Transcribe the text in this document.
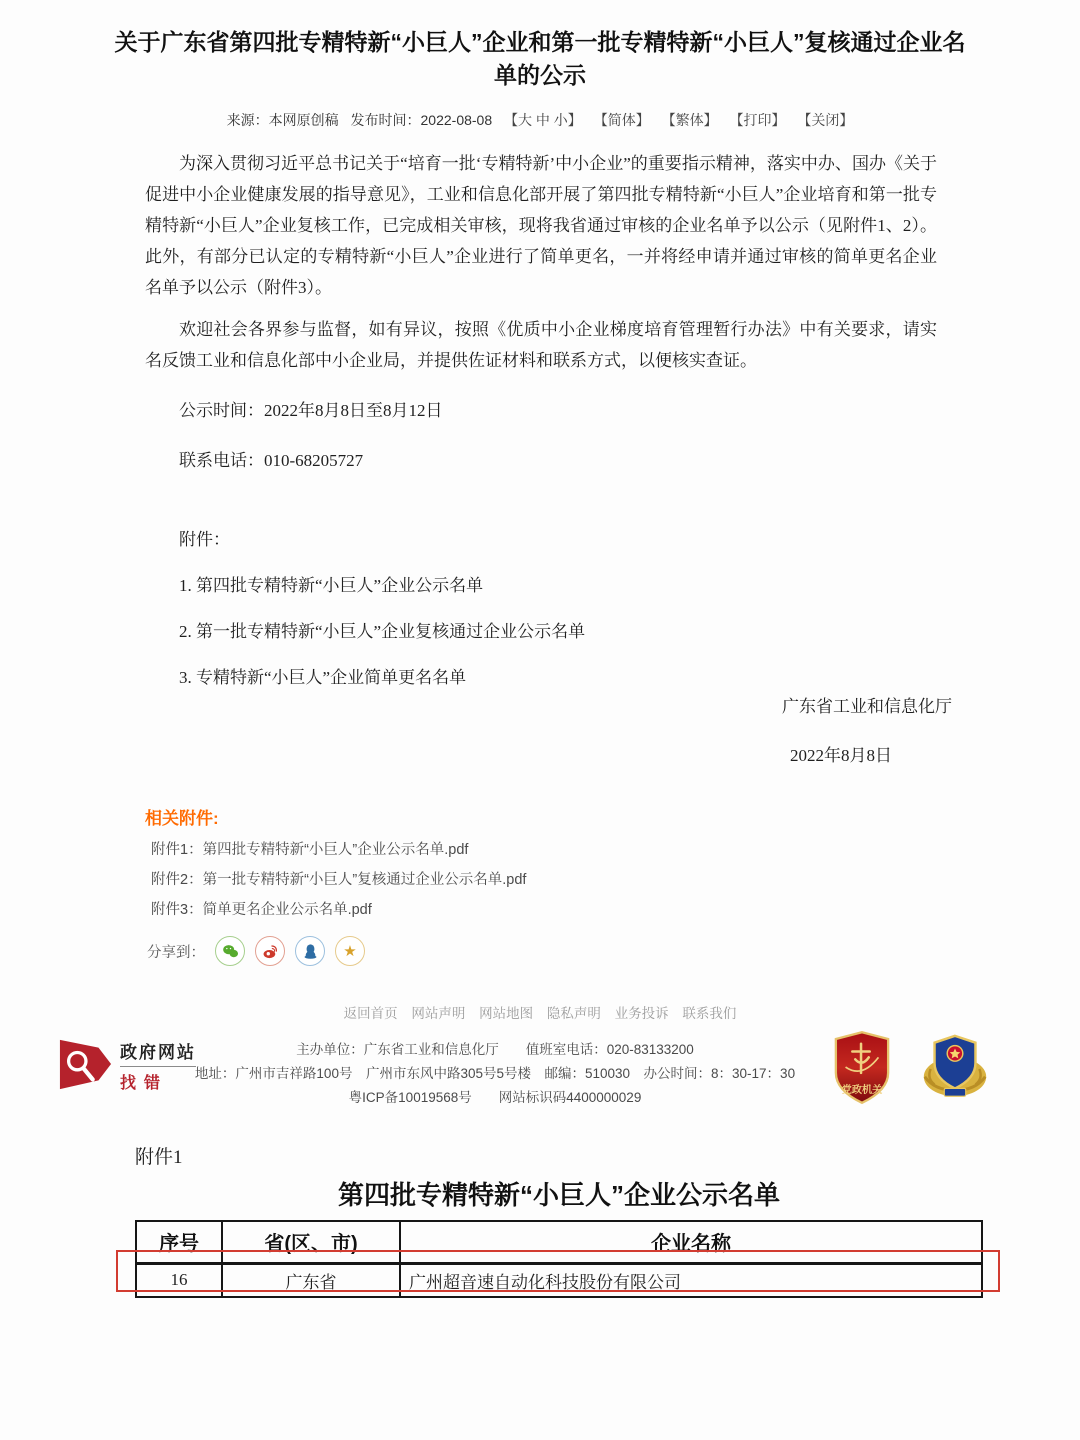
关于广东省第四批专精特新“小巨人”企业和第一批专精特新“小巨人”复核通过企业名单的公示
来源：本网原创稿 发布时间：2022-08-08 【大 中 小】 【简体】 【繁体】 【打印】 【关闭】

为深入贯彻习近平总书记关于“培育一批‘专精特新’中小企业”的重要指示精神，落实中办、国办《关于促进中小企业健康发展的指导意见》，工业和信息化部开展了第四批专精特新“小巨人”企业培育和第一批专精特新“小巨人”企业复核工作，已完成相关审核，现将我省通过审核的企业名单予以公示（见附件1、2）。此外，有部分已认定的专精特新“小巨人”企业进行了简单更名，一并将经申请并通过审核的简单更名企业名单予以公示（附件3）。

欢迎社会各界参与监督，如有异议，按照《优质中小企业梯度培育管理暂行办法》中有关要求，请实名反馈工业和信息化部中小企业局，并提供佐证材料和联系方式，以便核实查证。

公示时间：2022年8月8日至8月12日

联系电话：010-68205727

附件：

1. 第四批专精特新“小巨人”企业公示名单

2. 第一批专精特新“小巨人”企业复核通过企业公示名单

3. 专精特新“小巨人”企业简单更名名单

广东省工业和信息化厅
2022年8月8日
相关附件:
附件1：第四批专精特新“小巨人”企业公示名单.pdf
附件2：第一批专精特新“小巨人”复核通过企业公示名单.pdf
附件3：简单更名企业公示名单.pdf
分享到：	★
返回首页 网站声明 网站地图 隐私声明 业务投诉 联系我们
政府网站
找错
主办单位：广东省工业和信息化厅　　值班室电话：020-83133200
地址：广州市吉祥路100号　广州市东风中路305号5号楼　邮编：510030　办公时间：8：30-17：30
粤ICP备10019568号　　网站标识码4400000029	党政机关
附件1
第四批专精特新“小巨人”企业公示名单
序号	省(区、市)	企业名称
16	广东省	广州超音速自动化科技股份有限公司
